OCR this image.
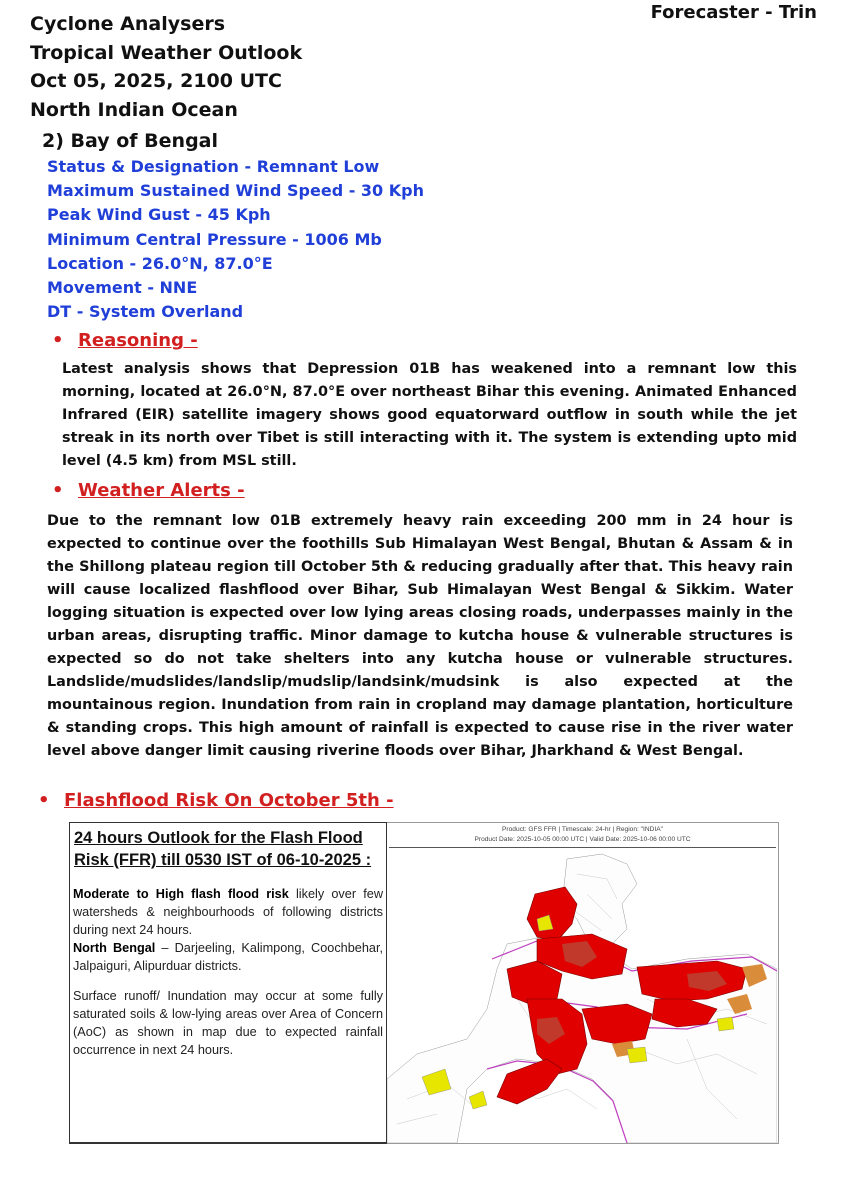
Forecaster - Trin
Cyclone Analysers
Tropical Weather Outlook
Oct 05, 2025, 2100 UTC
North Indian Ocean
2) Bay of Bengal
Status & Designation - Remnant Low
Maximum Sustained Wind Speed - 30 Kph
Peak Wind Gust - 45 Kph
Minimum Central Pressure - 1006 Mb
Location - 26.0°N, 87.0°E
Movement - NNE
DT - System Overland
• Reasoning -
Latest analysis shows that Depression 01B has weakened into a remnant low this morning, located at 26.0°N, 87.0°E over northeast Bihar this evening. Animated Enhanced Infrared (EIR) satellite imagery shows good equatorward outflow in south while the jet streak in its north over Tibet is still interacting with it. The system is extending upto mid level (4.5 km) from MSL still.
• Weather Alerts -
Due to the remnant low 01B extremely heavy rain exceeding 200 mm in 24 hour is expected to continue over the foothills Sub Himalayan West Bengal, Bhutan & Assam & in the Shillong plateau region till October 5th & reducing gradually after that. This heavy rain will cause localized flashflood over Bihar, Sub Himalayan West Bengal & Sikkim. Water logging situation is expected over low lying areas closing roads, underpasses mainly in the urban areas, disrupting traffic. Minor damage to kutcha house & vulnerable structures is expected so do not take shelters into any kutcha house or vulnerable structures. Landslide/mudslides/landslip/mudslip/landsink/mudsink is also expected at the mountainous region. Inundation from rain in cropland may damage plantation, horticulture & standing crops. This high amount of rainfall is expected to cause rise in the river water level above danger limit causing riverine floods over Bihar, Jharkhand & West Bengal.
• Flashflood Risk On October 5th -
24 hours Outlook for the Flash Flood Risk (FFR) till 0530 IST of 06-10-2025 :
Moderate to High flash flood risk likely over few watersheds & neighbourhoods of following districts during next 24 hours.
North Bengal – Darjeeling, Kalimpong, Coochbehar, Jalpaiguri, Alipurduar districts.
Surface runoff/ Inundation may occur at some fully saturated soils & low-lying areas over Area of Concern (AoC) as shown in map due to expected rainfall occurrence in next 24 hours.
Product: GFS FFR | Timescale: 24-hr | Region: "INDIA"
Product Date: 2025-10-05 00:00 UTC | Valid Date: 2025-10-06 00:00 UTC
